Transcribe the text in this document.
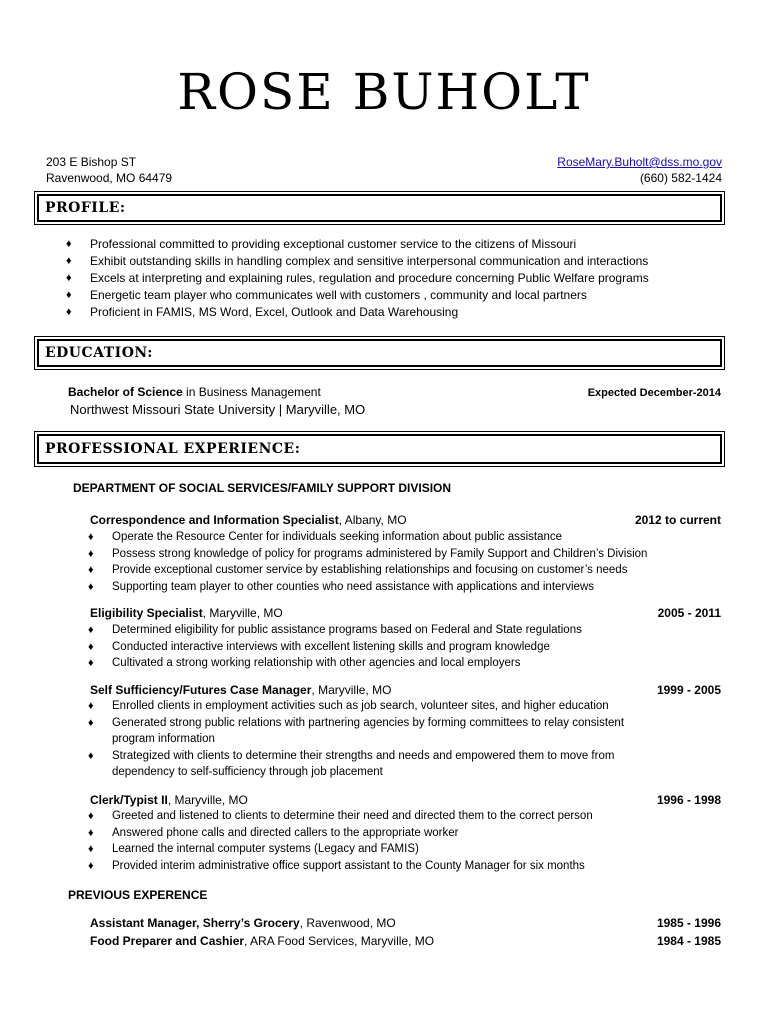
ROSE BUHOLT
203 E Bishop ST
Ravenwood, MO 64479
RoseMary.Buholt@dss.mo.gov
(660) 582-1424
PROFILE:
♦ Professional committed to providing exceptional customer service to the citizens of Missouri
♦ Exhibit outstanding skills in handling complex and sensitive interpersonal communication and interactions
♦ Excels at interpreting and explaining rules, regulation and procedure concerning Public Welfare programs
♦ Energetic team player who communicates well with customers , community and local partners
♦ Proficient in FAMIS, MS Word, Excel, Outlook and Data Warehousing
EDUCATION:
Bachelor of Science in Business Management	Expected December-2014
Northwest Missouri State University | Maryville, MO
PROFESSIONAL EXPERIENCE:
DEPARTMENT OF SOCIAL SERVICES/FAMILY SUPPORT DIVISION
Correspondence and Information Specialist, Albany, MO	2012 to current
♦ Operate the Resource Center for individuals seeking information about public assistance
♦ Possess strong knowledge of policy for programs administered by Family Support and Children’s Division
♦ Provide exceptional customer service by establishing relationships and focusing on customer’s needs
♦ Supporting team player to other counties who need assistance with applications and interviews
Eligibility Specialist, Maryville, MO	2005 - 2011
♦ Determined eligibility for public assistance programs based on Federal and State regulations
♦ Conducted interactive interviews with excellent listening skills and program knowledge
♦ Cultivated a strong working relationship with other agencies and local employers
Self Sufficiency/Futures Case Manager, Maryville, MO	1999 - 2005
♦ Enrolled clients in employment activities such as job search, volunteer sites, and higher education
♦ Generated strong public relations with partnering agencies by forming committees to relay consistent
program information
♦ Strategized with clients to determine their strengths and needs and empowered them to move from
dependency to self-sufficiency through job placement
Clerk/Typist II, Maryville, MO	1996 - 1998
♦ Greeted and listened to clients to determine their need and directed them to the correct person
♦ Answered phone calls and directed callers to the appropriate worker
♦ Learned the internal computer systems (Legacy and FAMIS)
♦ Provided interim administrative office support assistant to the County Manager for six months
PREVIOUS EXPERENCE
Assistant Manager, Sherry’s Grocery, Ravenwood, MO	1985 - 1996
Food Preparer and Cashier, ARA Food Services, Maryville, MO	1984 - 1985
